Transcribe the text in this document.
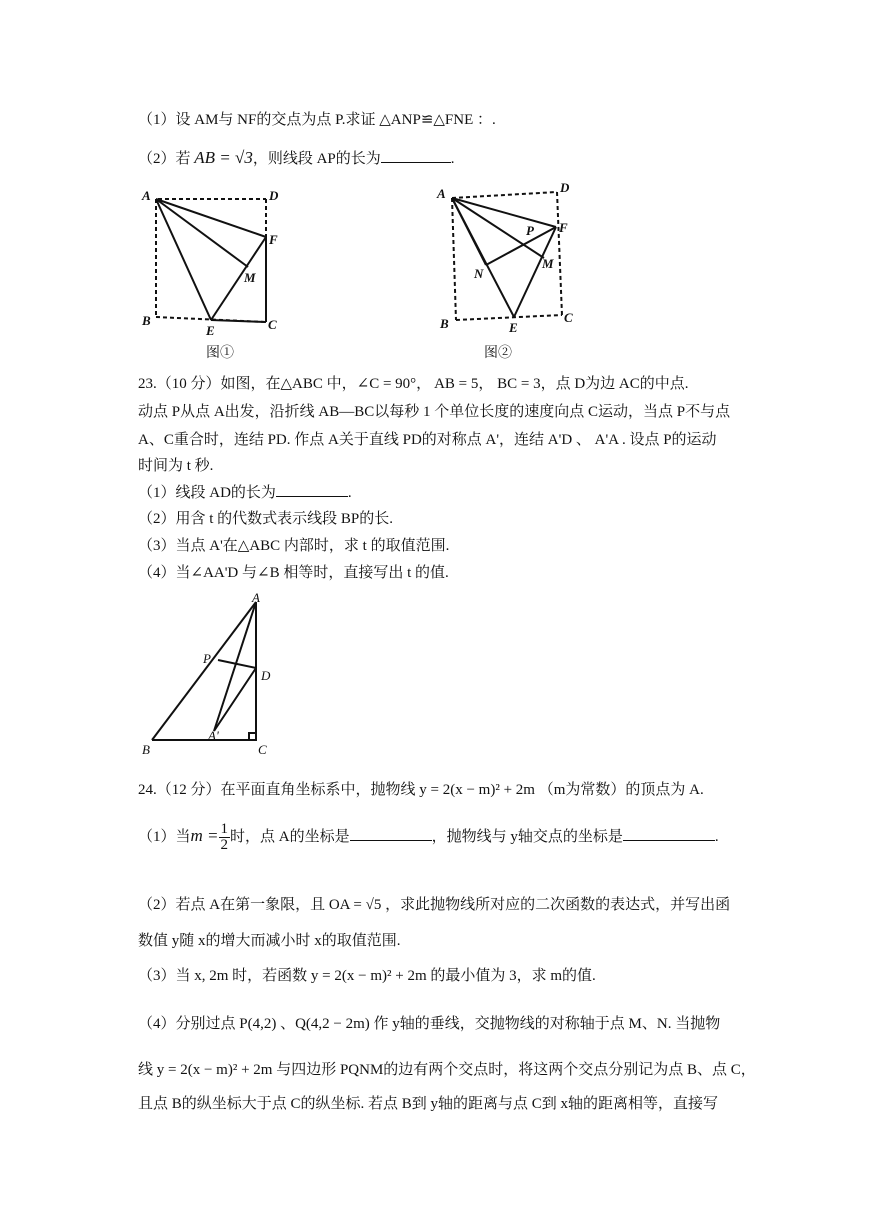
（1）设 AM与 NF的交点为点 P.求证 △ANP≌△FNE ：.
（2）若 AB = √3，则线段 AP的长为	.
A	D
F
M
B
E	C
图①
A	D
P F
M
N
B	E
C
图②
23.（10 分）如图，在△ABC 中，∠C = 90°， AB = 5， BC = 3，点 D为边 AC的中点.
动点 P从点 A出发，沿折线 AB—BC以每秒 1 个单位长度的速度向点 C运动，当点 P不与点
A、C重合时，连结 PD. 作点 A关于直线 PD的对称点 A'，连结 A'D 、 A'A . 设点 P的运动
时间为 t 秒.
（1）线段 AD的长为	.
（2）用含 t 的代数式表示线段 BP的长.
（3）当点 A'在△ABC 内部时，求 t 的取值范围.
（4）当∠AA'D 与∠B 相等时，直接写出 t 的值.
A
P
D
B
A'
C
24.（12 分）在平面直角坐标系中，抛物线 y = 2(x − m)² + 2m （m为常数）的顶点为 A.
（1）当$m = \frac{1}{2}$ 时，点 A的坐标是	，抛物线与 y轴交点的坐标是	.
（2）若点 A在第一象限，且 OA = √5 ，求此抛物线所对应的二次函数的表达式，并写出函
数值 y随 x的增大而减小时 x的取值范围.
（3）当 x, 2m 时，若函数 y = 2(x − m)² + 2m 的最小值为 3，求 m的值.
（4）分别过点 P(4,2) 、Q(4,2 − 2m) 作 y轴的垂线，交抛物线的对称轴于点 M、N. 当抛物
线 y = 2(x − m)² + 2m 与四边形 PQNM的边有两个交点时，将这两个交点分别记为点 B、点 C，
且点 B的纵坐标大于点 C的纵坐标. 若点 B到 y轴的距离与点 C到 x轴的距离相等，直接写
